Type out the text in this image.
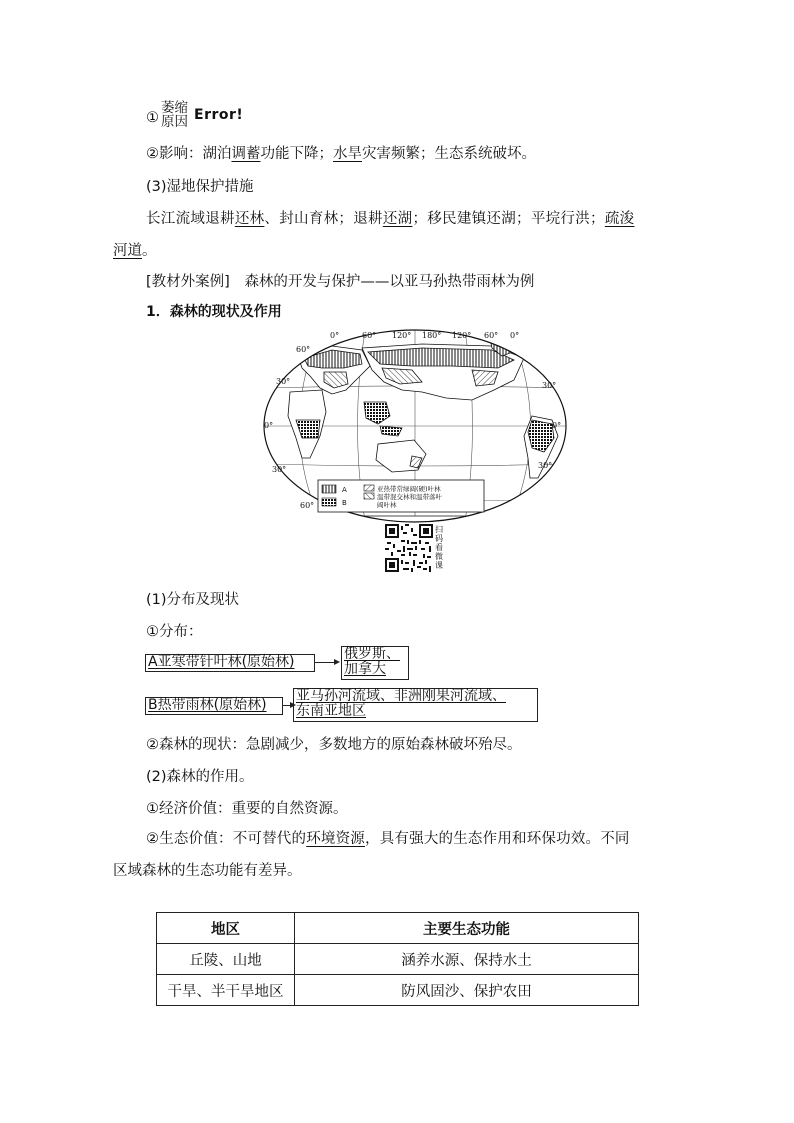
①
萎缩
原因 Error!
②影响：湖泊调蓄功能下降；水旱灾害频繁；生态系统破坏。
(3)湿地保护措施
长江流域退耕还林、封山育林；退耕还湖；移民建镇还湖；平垸行洪；疏浚
河道。
[教材外案例] 森林的开发与保护——以亚马孙热带雨林为例
1．森林的现状及作用
0°	60° 120° 180° 120° 60° 0°
60°
30°	30°
0°	0°
30°	30°
60°
A
B
亚热带常绿阔(硬)叶林
温带混交林和温带落叶
阔叶林
扫码看微课
(1)分布及现状
①分布：
A亚寒带针叶林(原始林)	俄罗斯、
加拿大
B热带雨林(原始林)
亚马孙河流域、非洲刚果河流域、
东南亚地区
②森林的现状：急剧减少，多数地方的原始森林破坏殆尽。
(2)森林的作用。
①经济价值：重要的自然资源。
②生态价值：不可替代的环境资源，具有强大的生态作用和环保功效。不同
区域森林的生态功能有差异。
地区	主要生态功能
丘陵、山地	涵养水源、保持水土
干旱、半干旱地区	防风固沙、保护农田
